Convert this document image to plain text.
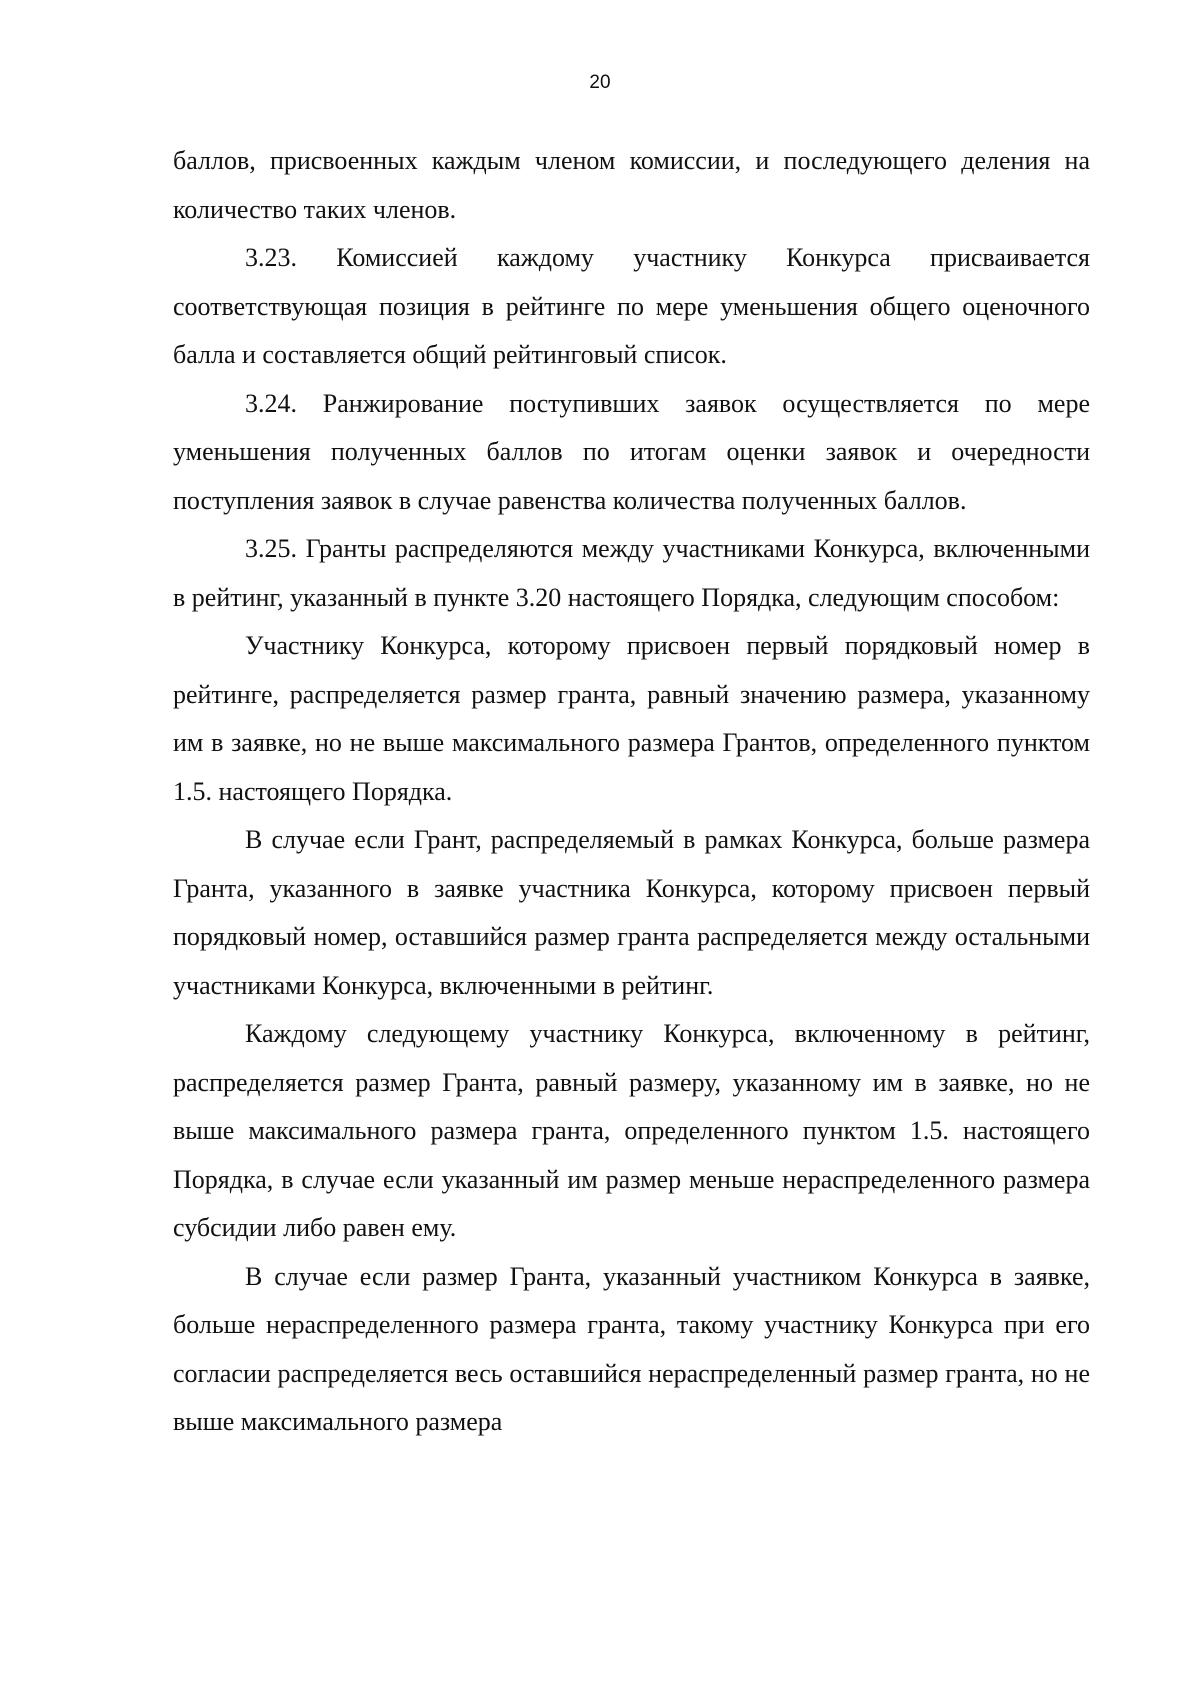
20

баллов, присвоенных каждым членом комиссии, и последующего деления на количество таких членов.

3.23. Комиссией каждому участнику Конкурса присваивается соответствующая позиция в рейтинге по мере уменьшения общего оценочного балла и составляется общий рейтинговый список.

3.24. Ранжирование поступивших заявок осуществляется по мере уменьшения полученных баллов по итогам оценки заявок и очередности поступления заявок в случае равенства количества полученных баллов.

3.25. Гранты распределяются между участниками Конкурса, включенными в рейтинг, указанный в пункте 3.20 настоящего Порядка, следующим способом:

Участнику Конкурса, которому присвоен первый порядковый номер в рейтинге, распределяется размер гранта, равный значению размера, указанному им в заявке, но не выше максимального размера Грантов, определенного пунктом 1.5. настоящего Порядка.

В случае если Грант, распределяемый в рамках Конкурса, больше размера Гранта, указанного в заявке участника Конкурса, которому присвоен первый порядковый номер, оставшийся размер гранта распределяется между остальными участниками Конкурса, включенными в рейтинг.

Каждому следующему участнику Конкурса, включенному в рейтинг, распределяется размер Гранта, равный размеру, указанному им в заявке, но не выше максимального размера гранта, определенного пунктом 1.5. настоящего Порядка, в случае если указанный им размер меньше нераспределенного размера субсидии либо равен ему.

В случае если размер Гранта, указанный участником Конкурса в заявке, больше нераспределенного размера гранта, такому участнику Конкурса при его согласии распределяется весь оставшийся нераспределенный размер гранта, но не выше максимального размера
